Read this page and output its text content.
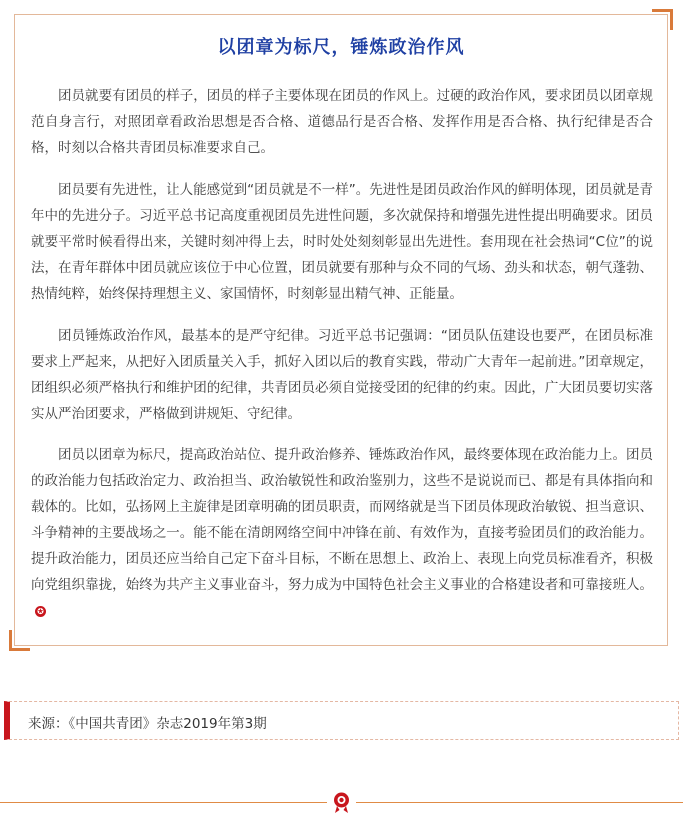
以团章为标尺，锤炼政治作风

团员就要有团员的样子，团员的样子主要体现在团员的作风上。过硬的政治作风，要求团员以团章规范自身言行，对照团章看政治思想是否合格、道德品行是否合格、发挥作用是否合格、执行纪律是否合格，时刻以合格共青团员标准要求自己。

团员要有先进性，让人能感觉到“团员就是不一样”。先进性是团员政治作风的鲜明体现，团员就是青年中的先进分子。习近平总书记高度重视团员先进性问题，多次就保持和增强先进性提出明确要求。团员就要平常时候看得出来，关键时刻冲得上去，时时处处刻刻彰显出先进性。套用现在社会热词“C位”的说法，在青年群体中团员就应该位于中心位置，团员就要有那种与众不同的气场、劲头和状态，朝气蓬勃、热情纯粹，始终保持理想主义、家国情怀，时刻彰显出精气神、正能量。

团员锤炼政治作风，最基本的是严守纪律。习近平总书记强调：“团员队伍建设也要严，在团员标准要求上严起来，从把好入团质量关入手，抓好入团以后的教育实践，带动广大青年一起前进。”团章规定，团组织必须严格执行和维护团的纪律，共青团员必须自觉接受团的纪律的约束。因此，广大团员要切实落实从严治团要求，严格做到讲规矩、守纪律。

团员以团章为标尺，提高政治站位、提升政治修养、锤炼政治作风，最终要体现在政治能力上。团员的政治能力包括政治定力、政治担当、政治敏锐性和政治鉴别力，这些不是说说而已、都是有具体指向和载体的。比如，弘扬网上主旋律是团章明确的团员职责，而网络就是当下团员体现政治敏锐、担当意识、斗争精神的主要战场之一。能不能在清朗网络空间中冲锋在前、有效作为，直接考验团员们的政治能力。提升政治能力，团员还应当给自己定下奋斗目标，不断在思想上、政治上、表现上向党员标准看齐，积极向党组织靠拢，始终为共产主义事业奋斗，努力成为中国特色社会主义事业的合格建设者和可靠接班人。✪

来源：《中国共青团》杂志2019年第3期
